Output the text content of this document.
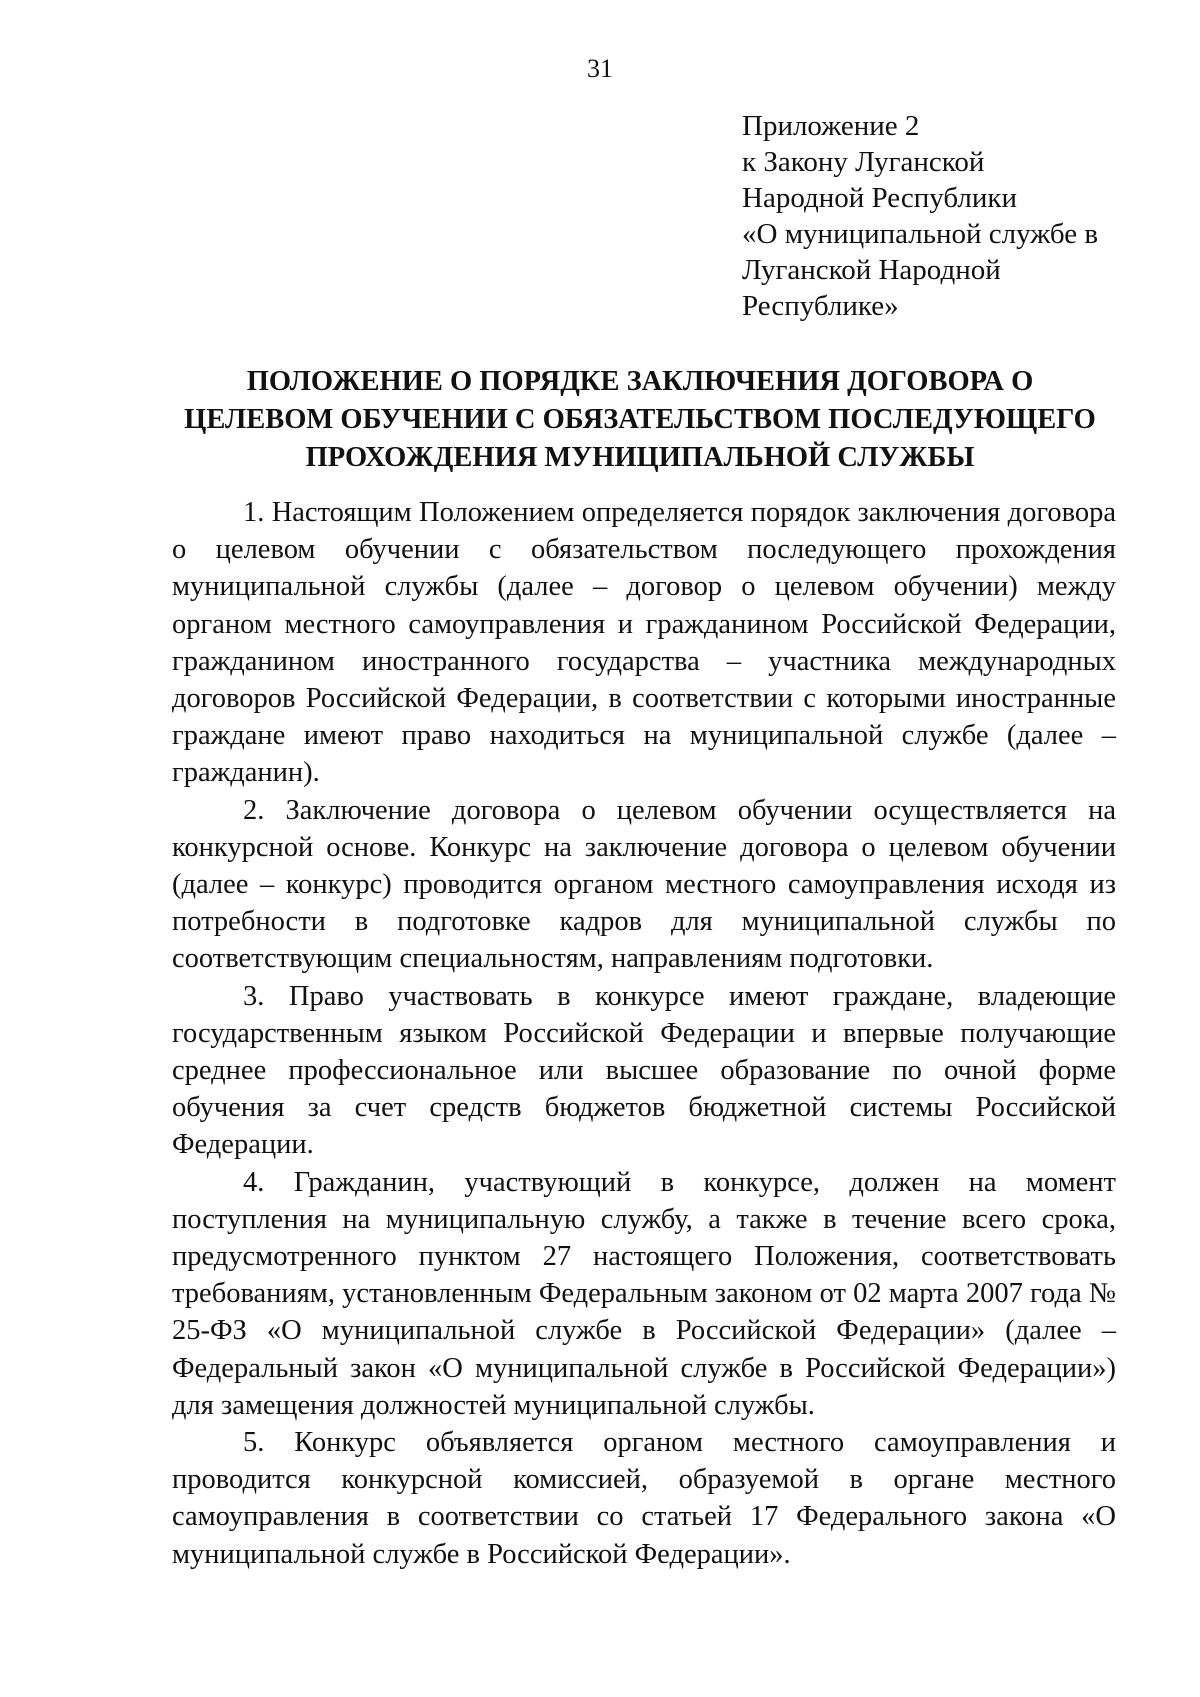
31
Приложение 2
к Закону Луганской
Народной Республики
«О муниципальной службе в
Луганской Народной
Республике»
ПОЛОЖЕНИЕ О ПОРЯДКЕ ЗАКЛЮЧЕНИЯ ДОГОВОРА О
ЦЕЛЕВОМ ОБУЧЕНИИ С ОБЯЗАТЕЛЬСТВОМ ПОСЛЕДУЮЩЕГО
ПРОХОЖДЕНИЯ МУНИЦИПАЛЬНОЙ СЛУЖБЫ

1. Настоящим Положением определяется порядок заключения договора о целевом обучении с обязательством последующего прохождения муниципальной службы (далее – договор о целевом обучении) между органом местного самоуправления и гражданином Российской Федерации, гражданином иностранного государства – участника международных договоров Российской Федерации, в соответствии с которыми иностранные граждане имеют право находиться на муниципальной службе (далее – гражданин).

2. Заключение договора о целевом обучении осуществляется на конкурсной основе. Конкурс на заключение договора о целевом обучении (далее – конкурс) проводится органом местного самоуправления исходя из потребности в подготовке кадров для муниципальной службы по соответствующим специальностям, направлениям подготовки.

3. Право участвовать в конкурсе имеют граждане, владеющие государственным языком Российской Федерации и впервые получающие среднее профессиональное или высшее образование по очной форме обучения за счет средств бюджетов бюджетной системы Российской Федерации.

4. Гражданин, участвующий в конкурсе, должен на момент поступления на муниципальную службу, а также в течение всего срока, предусмотренного пунктом 27 настоящего Положения, соответствовать требованиям, установленным Федеральным законом от 02 марта 2007 года № 25-ФЗ «О муниципальной службе в Российской Федерации» (далее – Федеральный закон «О муниципальной службе в Российской Федерации») для замещения должностей муниципальной службы.

5. Конкурс объявляется органом местного самоуправления и проводится конкурсной комиссией, образуемой в органе местного самоуправления в соответствии со статьей 17 Федерального закона «О муниципальной службе в Российской Федерации».
